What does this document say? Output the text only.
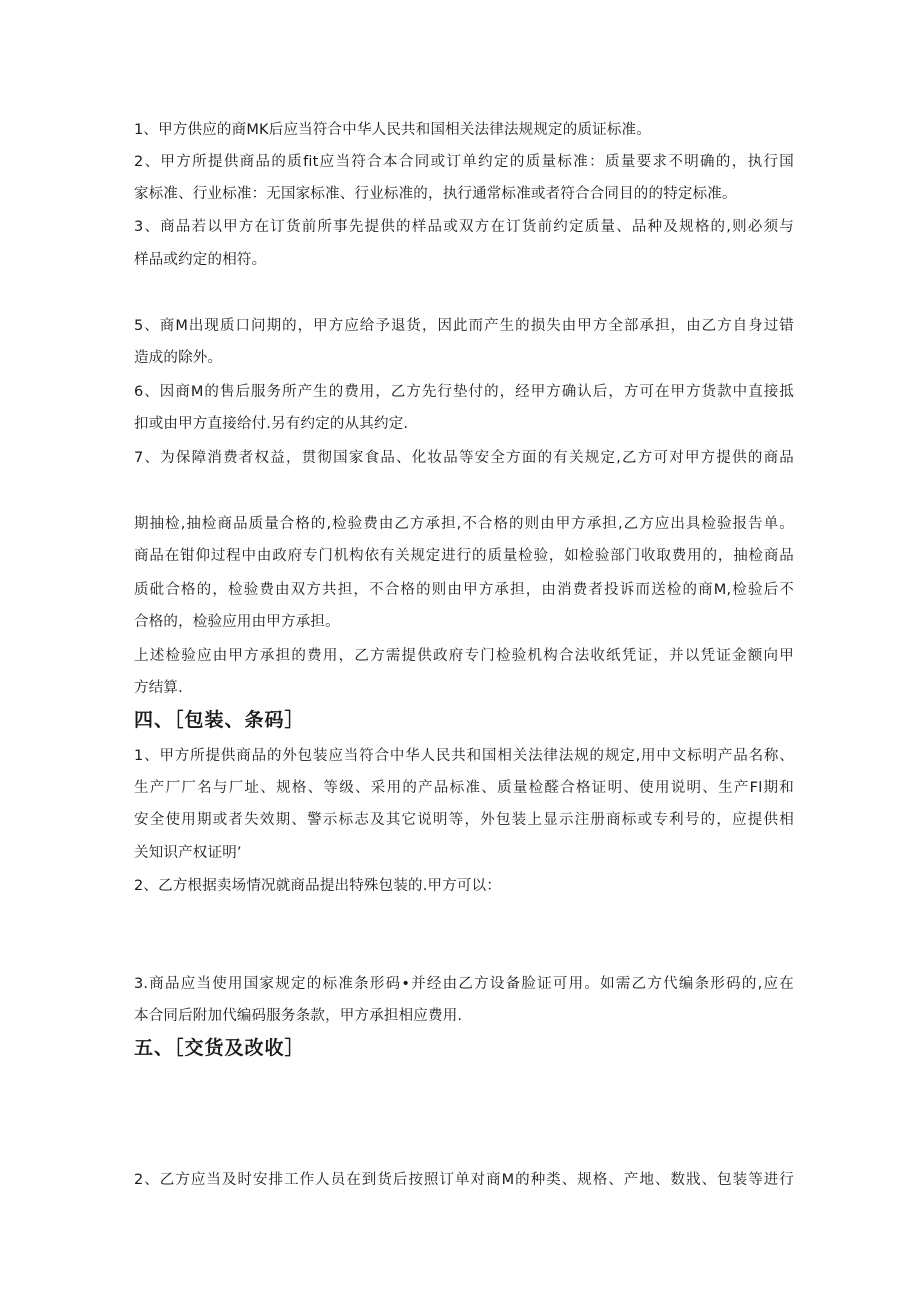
1、甲方供应的商MK后应当符合中华人民共和国相关法律法规规定的质证标准。
2、甲方所提供商品的质fit应当符合本合同或订单约定的质量标准：质量要求不明确的，执行国
家标准、行业标准：无国家标准、行业标准的，执行通常标准或者符合合同目的的特定标准。
3、商品若以甲方在订货前所事先提供的样品或双方在订货前约定质量、品种及规格的,则必须与
样品或约定的相符。
5、商M出现质口问期的，甲方应给予退货，因此而产生的损失由甲方全部承担，由乙方自身过错
造成的除外。
6、因商M的售后服务所产生的费用，乙方先行垫付的，经甲方确认后，方可在甲方货款中直接抵
扣或由甲方直接给付.另有约定的从其约定.
7、为保障消费者权益，贯彻国家食品、化妆品等安全方面的有关规定,乙方可对甲方提供的商品
期抽检,抽检商品质量合格的,检验费由乙方承担,不合格的则由甲方承担,乙方应出具检验报告单。
商品在钳仰过程中由政府专门机构依有关规定进行的质量检验，如检验部门收取费用的，抽检商品
质砒合格的，检验费由双方共担，不合格的则由甲方承担，由消费者投诉而送检的商M,检验后不
合格的，检验应用由甲方承担。
上述检验应由甲方承担的费用，乙方需提供政府专门检验机构合法收纸凭证，并以凭证金额向甲
方结算.
四、［包装、条码］
1、甲方所提供商品的外包装应当符合中华人民共和国相关法律法规的规定,用中文标明产品名称、
生产厂厂名与厂址、规格、等级、采用的产品标准、质量检醛合格证明、使用说明、生产Fl期和
安全使用期或者失效期、警示标志及其它说明等，外包装上显示注册商标或专利号的，应提供相
关知识产权证明’
2、乙方根据卖场情况就商品提出特殊包装的.甲方可以：
3.商品应当使用国家规定的标准条形码•并经由乙方设备脸证可用。如需乙方代编条形码的,应在
本合同后附加代编码服务条款，甲方承担相应费用.
五、［交货及改收］
2、乙方应当及时安排工作人员在到货后按照订单对商M的种类、规格、产地、数戕、包装等进行
